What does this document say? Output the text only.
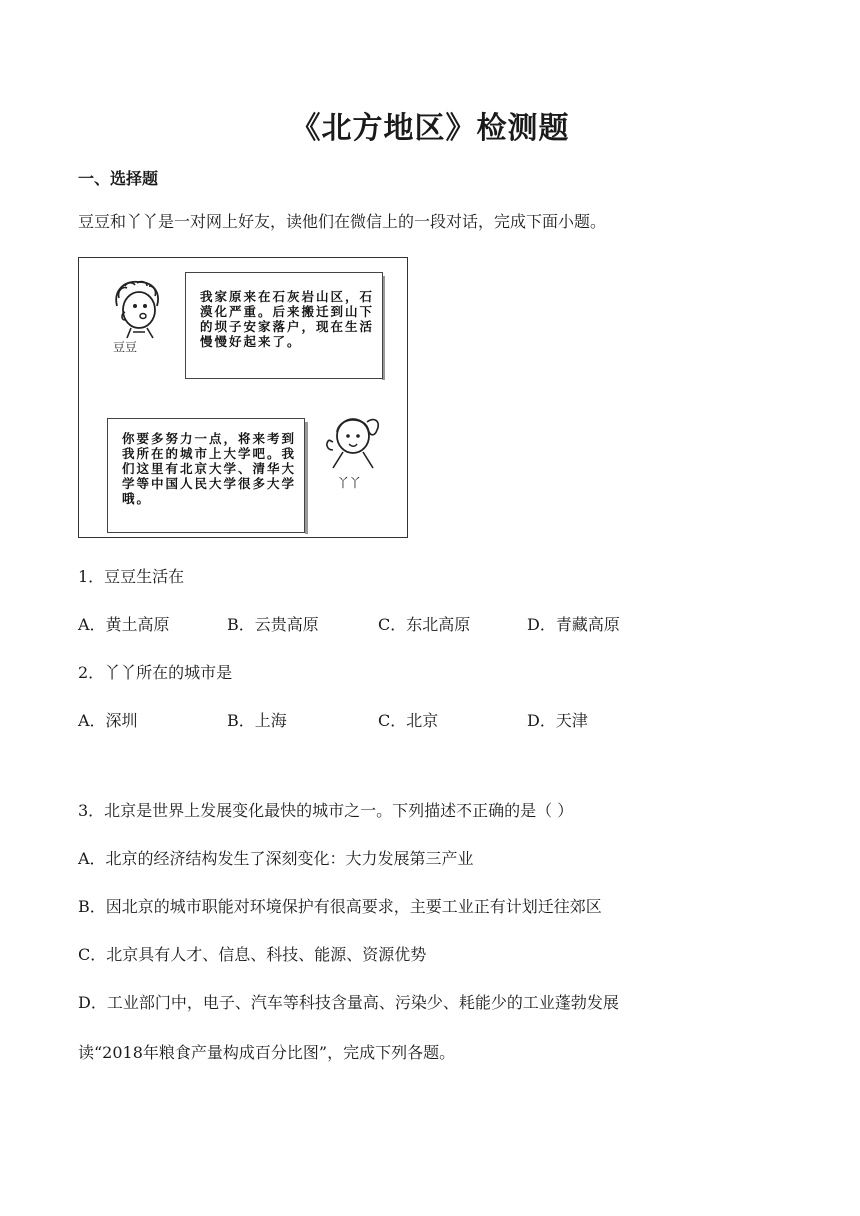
《北方地区》检测题
一、选择题
豆豆和丫丫是一对网上好友，读他们在微信上的一段对话，完成下面小题。
豆豆
我家原来在石灰岩山区，石漠化严重。后来搬迁到山下的坝子安家落户，现在生活慢慢好起来了。
你要多努力一点，将来考到我所在的城市上大学吧。我们这里有北京大学、清华大学等中国人民大学很多大学哦。
丫丫
1．豆豆生活在
A．黄土高原	B．云贵高原	C．东北高原	D．青藏高原
2．丫丫所在的城市是
A．深圳	B．上海	C．北京	D．天津
3．北京是世界上发展变化最快的城市之一。下列描述不正确的是（ ）
A．北京的经济结构发生了深刻变化：大力发展第三产业
B．因北京的城市职能对环境保护有很高要求，主要工业正有计划迁往郊区
C．北京具有人才、信息、科技、能源、资源优势
D．工业部门中，电子、汽车等科技含量高、污染少、耗能少的工业蓬勃发展
读“2018年粮食产量构成百分比图”，完成下列各题。
